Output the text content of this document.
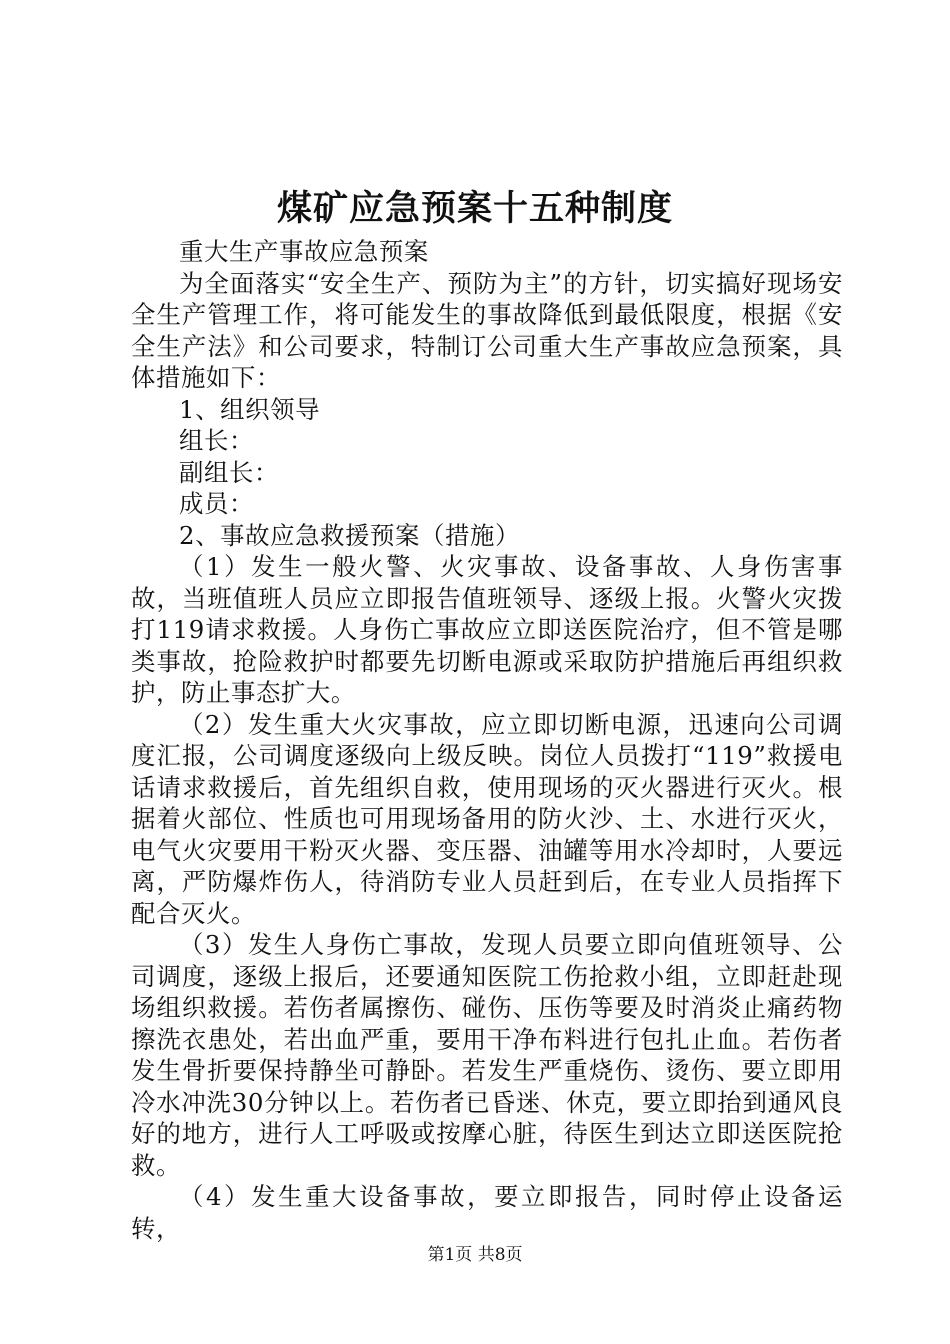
煤矿应急预案十五种制度

重大生产事故应急预案

为全面落实“安全生产、预防为主”的方针，切实搞好现场安全生产管理工作，将可能发生的事故降低到最低限度，根据《安全生产法》和公司要求，特制订公司重大生产事故应急预案，具体措施如下：

1、组织领导

组长：

副组长：

成员：

2、事故应急救援预案（措施）

（1）发生一般火警、火灾事故、设备事故、人身伤害事故，当班值班人员应立即报告值班领导、逐级上报。火警火灾拨打119请求救援。人身伤亡事故应立即送医院治疗，但不管是哪类事故，抢险救护时都要先切断电源或采取防护措施后再组织救护，防止事态扩大。

（2）发生重大火灾事故，应立即切断电源，迅速向公司调度汇报，公司调度逐级向上级反映。岗位人员拨打“119”救援电话请求救援后，首先组织自救，使用现场的灭火器进行灭火。根据着火部位、性质也可用现场备用的防火沙、土、水进行灭火，电气火灾要用干粉灭火器、变压器、油罐等用水冷却时，人要远离，严防爆炸伤人，待消防专业人员赶到后，在专业人员指挥下配合灭火。

（3）发生人身伤亡事故，发现人员要立即向值班领导、公司调度，逐级上报后，还要通知医院工伤抢救小组，立即赶赴现场组织救援。若伤者属擦伤、碰伤、压伤等要及时消炎止痛药物擦洗衣患处，若出血严重，要用干净布料进行包扎止血。若伤者发生骨折要保持静坐可静卧。若发生严重烧伤、烫伤、要立即用冷水冲洗30分钟以上。若伤者已昏迷、休克，要立即抬到通风良好的地方，进行人工呼吸或按摩心脏，待医生到达立即送医院抢救。

（4）发生重大设备事故，要立即报告，同时停止设备运转，

第1页 共8页
